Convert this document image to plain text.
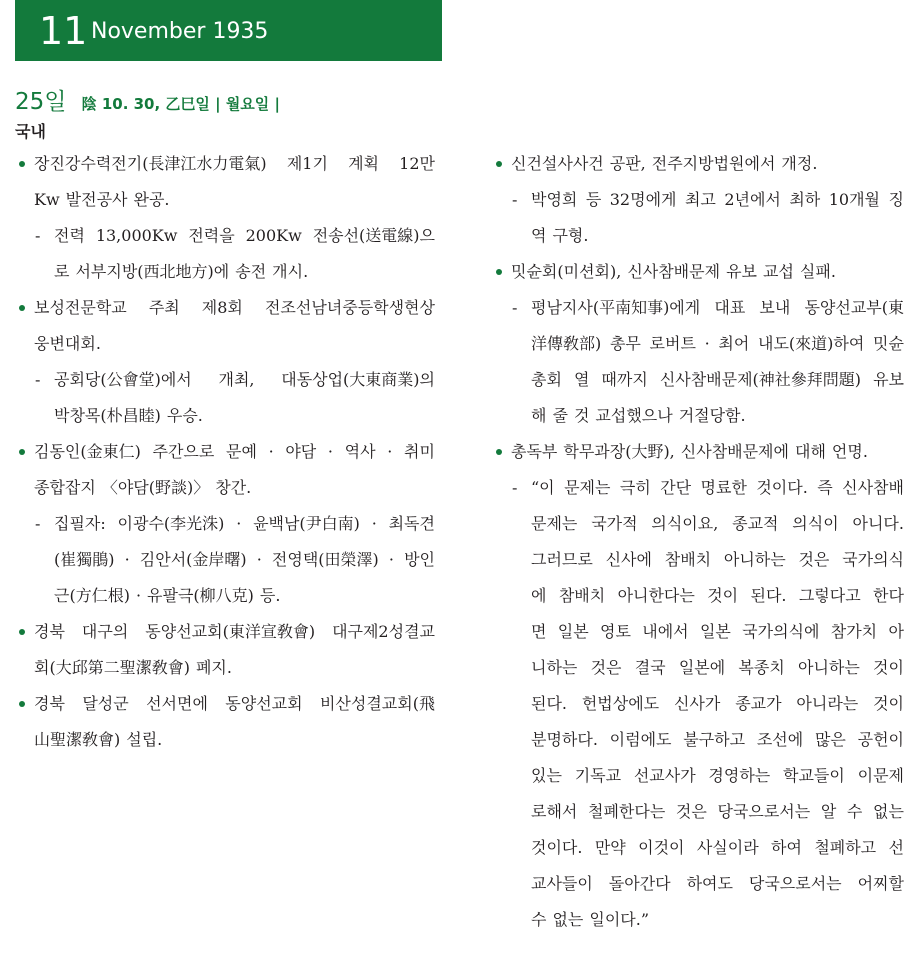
11 November 1935
25일 陰 10. 30, 乙巳일 | 월요일 |
국내
장진강수력전기(長津江水力電氣) 제1기 계획 12만
Kw 발전공사 완공.
- 전력 13,000Kw 전력을 200Kw 전송선(送電線)으
로 서부지방(西北地方)에 송전 개시.
보성전문학교 주최 제8회 전조선남녀중등학생현상
웅변대회.
- 공회당(公會堂)에서 개최, 대동상업(大東商業)의
박창목(朴昌睦) 우승.
김동인(金東仁) 주간으로 문예 · 야담 · 역사 · 취미
종합잡지 〈야담(野談)〉 창간.
- 집필자: 이광수(李光洙) · 윤백남(尹白南) · 최독견
(崔獨鵑) · 김안서(金岸曙) · 전영택(田榮澤) · 방인
근(方仁根) · 유팔극(柳八克) 등.
경북 대구의 동양선교회(東洋宣敎會) 대구제2성결교
회(大邱第二聖潔敎會) 폐지.
경북 달성군 선서면에 동양선교회 비산성결교회(飛
山聖潔敎會) 설립.
신건설사사건 공판, 전주지방법원에서 개정.
- 박영희 등 32명에게 최고 2년에서 최하 10개월 징
역 구형.
밋슌회(미션회), 신사참배문제 유보 교섭 실패.
- 평남지사(平南知事)에게 대표 보내 동양선교부(東
洋傳敎部) 총무 로버트 · 최어 내도(來道)하여 밋슌
총회 열 때까지 신사참배문제(神社參拜問題) 유보
해 줄 것 교섭했으나 거절당함.
총독부 학무과장(大野), 신사참배문제에 대해 언명.
- “이 문제는 극히 간단 명료한 것이다. 즉 신사참배
문제는 국가적 의식이요, 종교적 의식이 아니다.
그러므로 신사에 참배치 아니하는 것은 국가의식
에 참배치 아니한다는 것이 된다. 그렇다고 한다
면 일본 영토 내에서 일본 국가의식에 참가치 아
니하는 것은 결국 일본에 복종치 아니하는 것이
된다. 헌법상에도 신사가 종교가 아니라는 것이
분명하다. 이럼에도 불구하고 조선에 많은 공헌이
있는 기독교 선교사가 경영하는 학교들이 이문제
로해서 철폐한다는 것은 당국으로서는 알 수 없는
것이다. 만약 이것이 사실이라 하여 철폐하고 선
교사들이 돌아간다 하여도 당국으로서는 어찌할
수 없는 일이다.”
